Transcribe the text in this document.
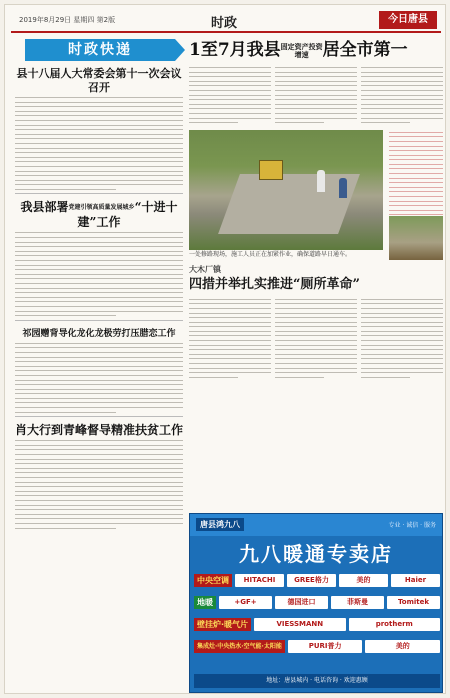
2019年8月29日 星期四 第2版	时政	今日唐县
时政快递
县十八届人大常委会第十一次会议召开
我县部署党建引领高质量发展城乡“十进十建”工作
祁园赠背导化龙化龙极劳打压腊恋工作
肖大行到青峰督导精准扶贫工作
1至7月我县固定资产投资增速 居全市第一
一处修路现场，施工人员正在加紧作业，确保道路早日通车。
大木厂镇
四措并举扎实推进“厕所革命”
唐县鸿九八	专业 · 诚信 · 服务
九八暖通专卖店
中央空调	HITACHI	GREE格力	美的	Haier
地暖	+GF+	德国进口	菲斯曼	Tomitek
壁挂炉·暖气片	VIESSMANN	protherm
集成灶·中央热水·空气能·太阳能	PURI普力	美的
地址：唐县城内 · 电话咨询 · 欢迎惠顾
